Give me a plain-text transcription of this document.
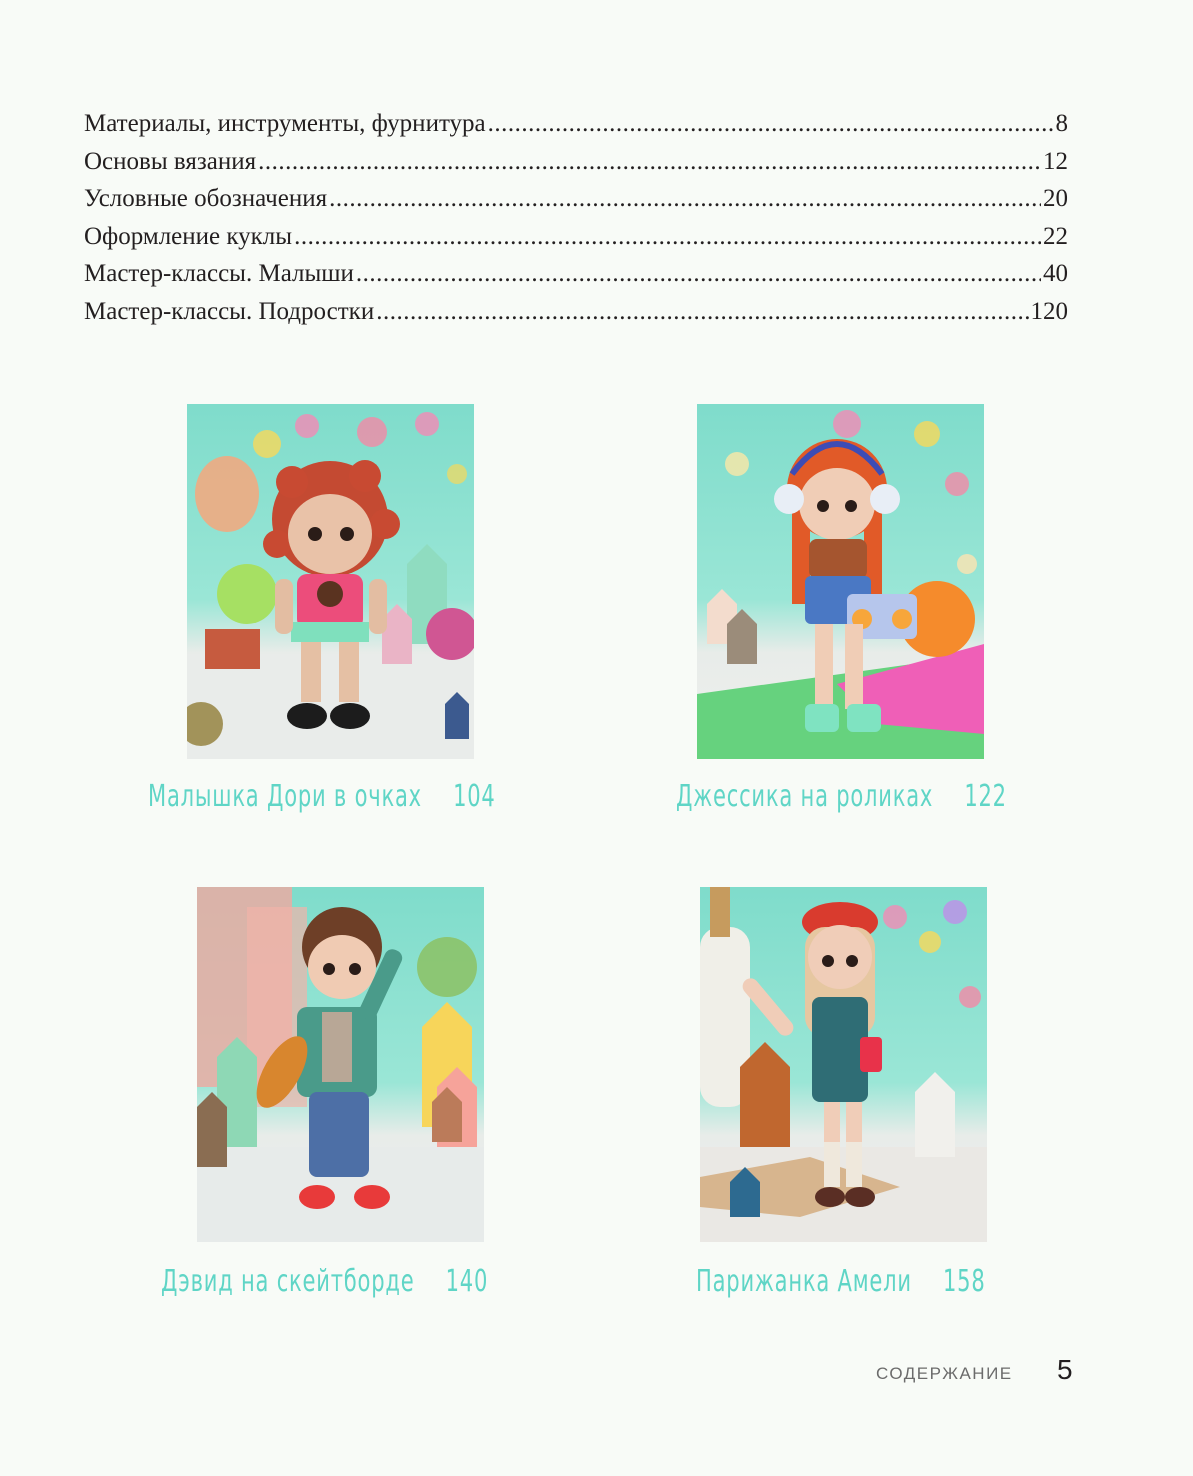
Материалы, инструменты, фурнитура .....	8
Основы вязания .....	12
Условные обозначения .....	20
Оформление куклы .....	22
Мастер-классы. Малыши .....	40
Мастер-классы. Подростки .....	120
Малышка Дори в очках 104	Джессика на роликах 122
Дэвид на скейтборде 140	Парижанка Амели 158
СОДЕРЖАНИЕ 5
